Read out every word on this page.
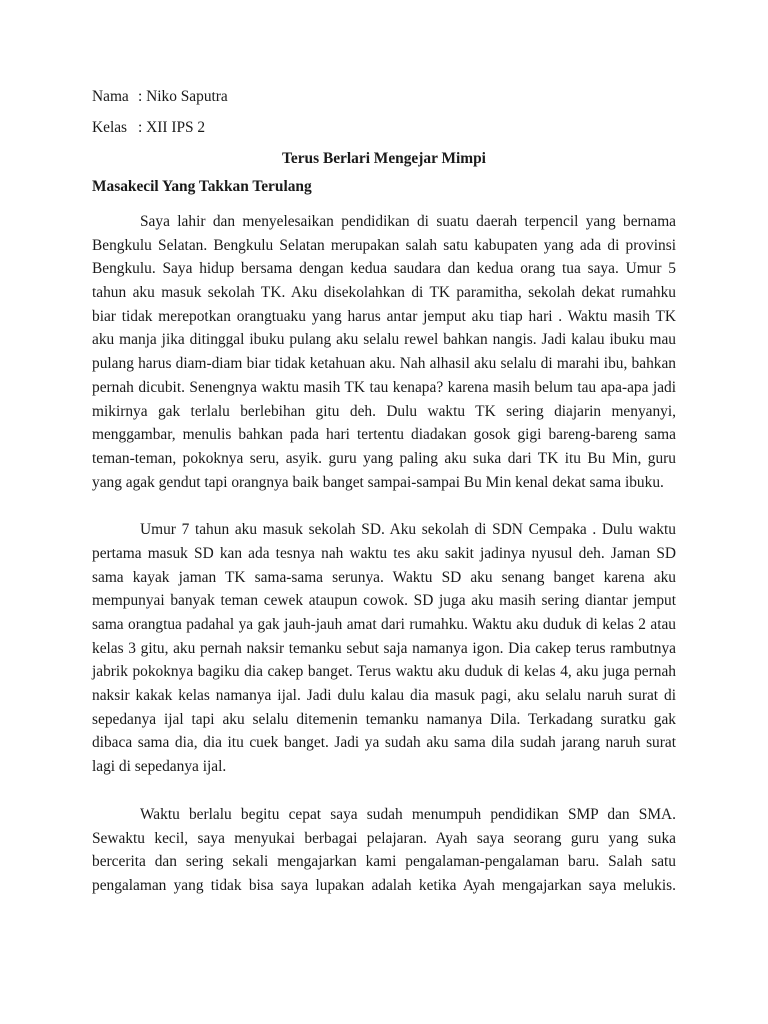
Nama : Niko Saputra
Kelas : XII IPS 2
Terus Berlari Mengejar Mimpi
Masakecil Yang Takkan Terulang
Saya lahir dan menyelesaikan pendidikan di suatu daerah terpencil yang bernama
Bengkulu Selatan. Bengkulu Selatan merupakan salah satu kabupaten yang ada di provinsi
Bengkulu. Saya hidup bersama dengan kedua saudara dan kedua orang tua saya. Umur 5
tahun aku masuk sekolah TK. Aku disekolahkan di TK paramitha, sekolah dekat rumahku
biar tidak merepotkan orangtuaku yang harus antar jemput aku tiap hari . Waktu masih TK
aku manja jika ditinggal ibuku pulang aku selalu rewel bahkan nangis. Jadi kalau ibuku mau
pulang harus diam-diam biar tidak ketahuan aku. Nah alhasil aku selalu di marahi ibu, bahkan
pernah dicubit. Senengnya waktu masih TK tau kenapa? karena masih belum tau apa-apa jadi
mikirnya gak terlalu berlebihan gitu deh. Dulu waktu TK sering diajarin menyanyi,
menggambar, menulis bahkan pada hari tertentu diadakan gosok gigi bareng-bareng sama
teman-teman, pokoknya seru, asyik. guru yang paling aku suka dari TK itu Bu Min, guru
yang agak gendut tapi orangnya baik banget sampai-sampai Bu Min kenal dekat sama ibuku.
Umur 7 tahun aku masuk sekolah SD. Aku sekolah di SDN Cempaka . Dulu waktu
pertama masuk SD kan ada tesnya nah waktu tes aku sakit jadinya nyusul deh. Jaman SD
sama kayak jaman TK sama-sama serunya. Waktu SD aku senang banget karena aku
mempunyai banyak teman cewek ataupun cowok. SD juga aku masih sering diantar jemput
sama orangtua padahal ya gak jauh-jauh amat dari rumahku. Waktu aku duduk di kelas 2 atau
kelas 3 gitu, aku pernah naksir temanku sebut saja namanya igon. Dia cakep terus rambutnya
jabrik pokoknya bagiku dia cakep banget. Terus waktu aku duduk di kelas 4, aku juga pernah
naksir kakak kelas namanya ijal. Jadi dulu kalau dia masuk pagi, aku selalu naruh surat di
sepedanya ijal tapi aku selalu ditemenin temanku namanya Dila. Terkadang suratku gak
dibaca sama dia, dia itu cuek banget. Jadi ya sudah aku sama dila sudah jarang naruh surat
lagi di sepedanya ijal.
Waktu berlalu begitu cepat saya sudah menumpuh pendidikan SMP dan SMA.
Sewaktu kecil, saya menyukai berbagai pelajaran. Ayah saya seorang guru yang suka
bercerita dan sering sekali mengajarkan kami pengalaman-pengalaman baru. Salah satu
pengalaman yang tidak bisa saya lupakan adalah ketika Ayah mengajarkan saya melukis.
